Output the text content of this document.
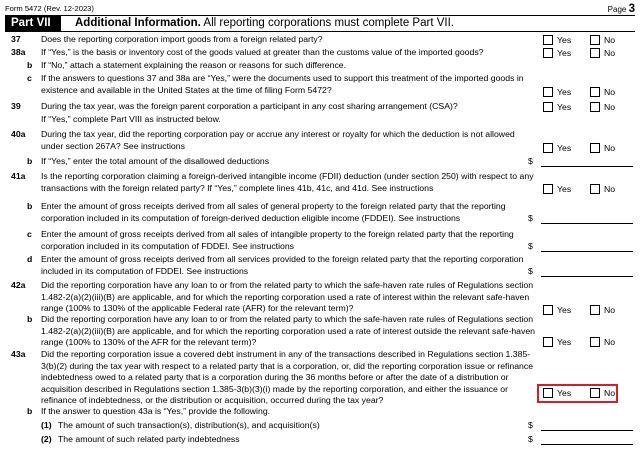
Form 5472 (Rev. 12-2023)	Page 3
Part VII	Additional Information. All reporting corporations must complete Part VII.
37 Does the reporting corporation import goods from a foreign related party?	Yes	No
38a If “Yes,” is the basis or inventory cost of the goods valued at greater than the customs value of the imported goods?	Yes	No
b If “No,” attach a statement explaining the reason or reasons for such difference.
c If the answers to questions 37 and 38a are “Yes,” were the documents used to support this treatment of the imported goods in existence and available in the United States at the time of filing Form 5472?	Yes	No
39 During the tax year, was the foreign parent corporation a participant in any cost sharing arrangement (CSA)?	Yes	No
If “Yes,” complete Part VIII as instructed below.
40a During the tax year, did the reporting corporation pay or accrue any interest or royalty for which the deduction is not allowed under section 267A? See instructions	Yes	No
b If “Yes,” enter the total amount of the disallowed deductions	$
41a Is the reporting corporation claiming a foreign-derived intangible income (FDII) deduction (under section 250) with respect to any transactions with the foreign related party? If “Yes,” complete lines 41b, 41c, and 41d. See instructions	Yes	No
b Enter the amount of gross receipts derived from all sales of general property to the foreign related party that the reporting corporation included in its computation of foreign-derived deduction eligible income (FDDEI). See instructions	$
c Enter the amount of gross receipts derived from all sales of intangible property to the foreign related party that the reporting corporation included in its computation of FDDEI. See instructions	$
d Enter the amount of gross receipts derived from all services provided to the foreign related party that the reporting corporation included in its computation of FDDEI. See instructions	$
42a Did the reporting corporation have any loan to or from the related party to which the safe-haven rate rules of Regulations section 1.482-2(a)(2)(iii)(B) are applicable, and for which the reporting corporation used a rate of interest within the relevant safe-haven range (100% to 130% of the applicable Federal rate (AFR) for the relevant term)?	Yes	No
b Did the reporting corporation have any loan to or from the related party to which the safe-haven rate rules of Regulations section 1.482-2(a)(2)(iii)(B) are applicable, and for which the reporting corporation used a rate of interest outside the relevant safe-haven range (100% to 130% of the AFR for the relevant term)?	Yes	No
43a Did the reporting corporation issue a covered debt instrument in any of the transactions described in Regulations section 1.385-3(b)(2) during the tax year with respect to a related party that is a corporation, or, did the reporting corporation issue or refinance indebtedness owed to a related party that is a corporation during the 36 months before or after the date of a distribution or acquisition described in Regulations section 1.385-3(b)(3)(i) made by the reporting corporation, and either the issuance or refinance of indebtedness, or the distribution or acquisition, occurred during the tax year?
Yes	No
b If the answer to question 43a is “Yes,” provide the following.
(1) The amount of such transaction(s), distribution(s), and acquisition(s)	$
(2) The amount of such related party indebtedness	$
